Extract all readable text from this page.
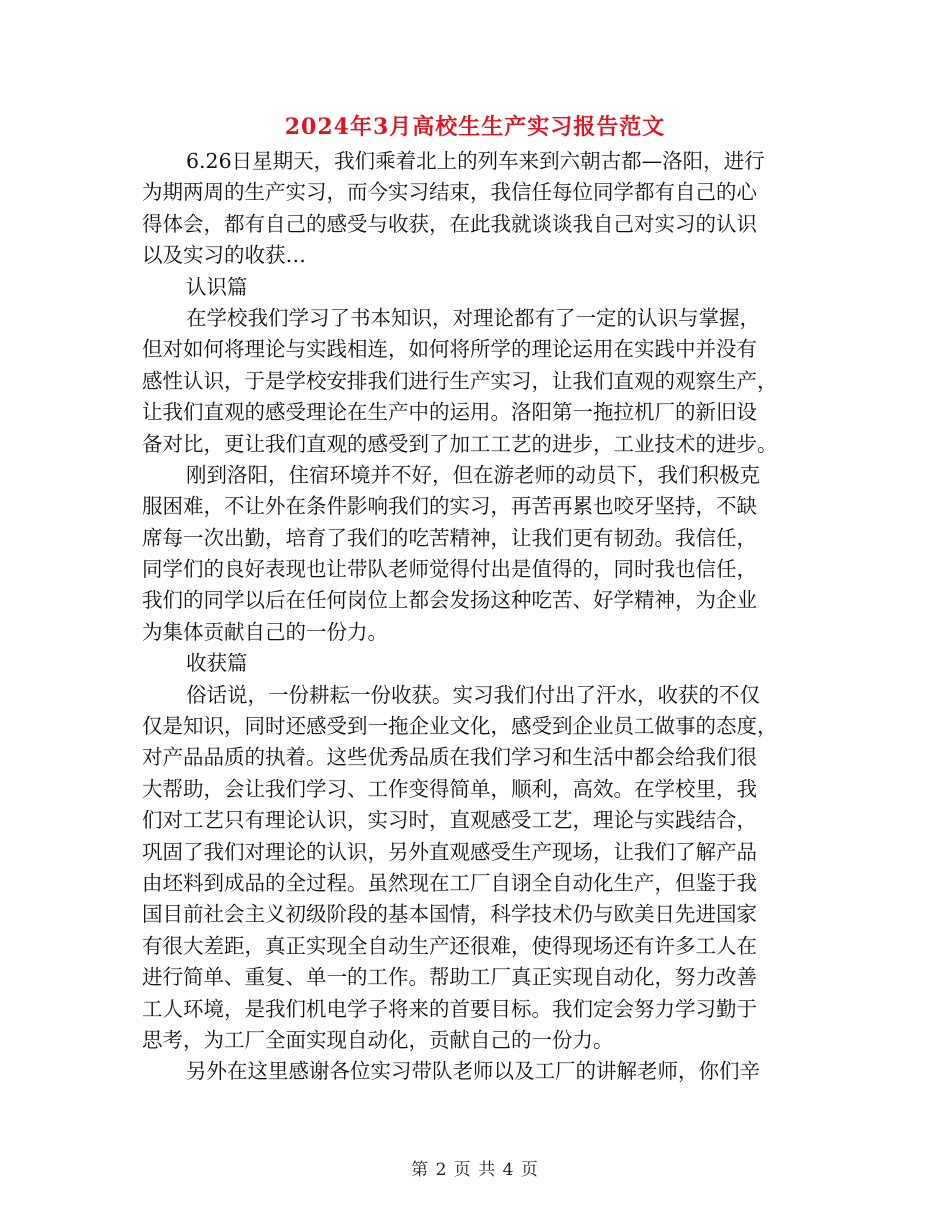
2024年3月高校生生产实习报告范文
6.26日星期天，我们乘着北上的列车来到六朝古都—洛阳，进行
为期两周的生产实习，而今实习结束，我信任每位同学都有自己的心
得体会，都有自己的感受与收获，在此我就谈谈我自己对实习的认识
以及实习的收获…
认识篇
在学校我们学习了书本知识，对理论都有了一定的认识与掌握，
但对如何将理论与实践相连，如何将所学的理论运用在实践中并没有
感性认识，于是学校安排我们进行生产实习，让我们直观的观察生产，
让我们直观的感受理论在生产中的运用。洛阳第一拖拉机厂的新旧设
备对比，更让我们直观的感受到了加工工艺的进步，工业技术的进步。
刚到洛阳，住宿环境并不好，但在游老师的动员下，我们积极克
服困难，不让外在条件影响我们的实习，再苦再累也咬牙坚持，不缺
席每一次出勤，培育了我们的吃苦精神，让我们更有韧劲。我信任，
同学们的良好表现也让带队老师觉得付出是值得的，同时我也信任，
我们的同学以后在任何岗位上都会发扬这种吃苦、好学精神，为企业
为集体贡献自己的一份力。
收获篇
俗话说，一份耕耘一份收获。实习我们付出了汗水，收获的不仅
仅是知识，同时还感受到一拖企业文化，感受到企业员工做事的态度，
对产品品质的执着。这些优秀品质在我们学习和生活中都会给我们很
大帮助，会让我们学习、工作变得简单，顺利，高效。在学校里，我
们对工艺只有理论认识，实习时，直观感受工艺，理论与实践结合，
巩固了我们对理论的认识，另外直观感受生产现场，让我们了解产品
由坯料到成品的全过程。虽然现在工厂自诩全自动化生产，但鉴于我
国目前社会主义初级阶段的基本国情，科学技术仍与欧美日先进国家
有很大差距，真正实现全自动生产还很难，使得现场还有许多工人在
进行简单、重复、单一的工作。帮助工厂真正实现自动化，努力改善
工人环境，是我们机电学子将来的首要目标。我们定会努力学习勤于
思考，为工厂全面实现自动化，贡献自己的一份力。
另外在这里感谢各位实习带队老师以及工厂的讲解老师，你们辛
第 2 页 共 4 页
